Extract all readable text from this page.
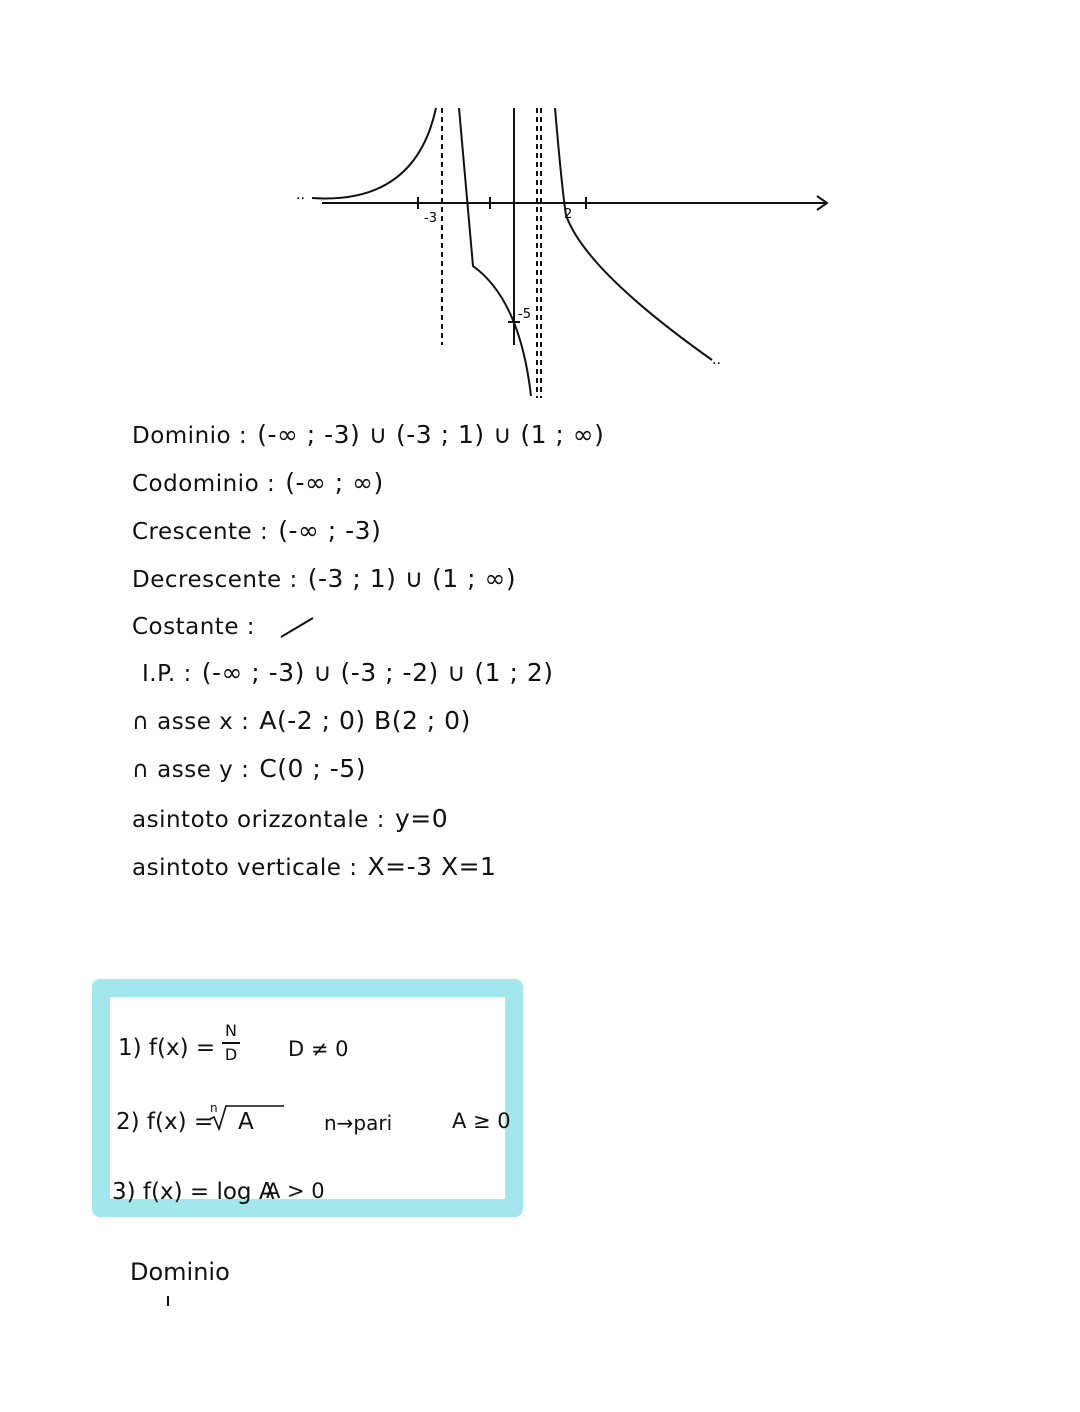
-3	2
-5
..
..
Dominio : (-∞ ; -3) ∪ (-3 ; 1) ∪ (1 ; ∞)
Codominio : (-∞ ; ∞)
Crescente : (-∞ ; -3)
Decrescente : (-3 ; 1) ∪ (1 ; ∞)
Costante :
I.P. : (-∞ ; -3) ∪ (-3 ; -2) ∪ (1 ; 2)
∩ asse x : A(-2 ; 0) B(2 ; 0)
∩ asse y : C(0 ; -5)
asintoto orizzontale : y=0
asintoto verticale : X=-3 X=1
1) f(x) =
N
D D ≠ 0
2) f(x) =
n
A	n→pari	A ≥ 0
3) f(x) = log A
A > 0
Dominio
